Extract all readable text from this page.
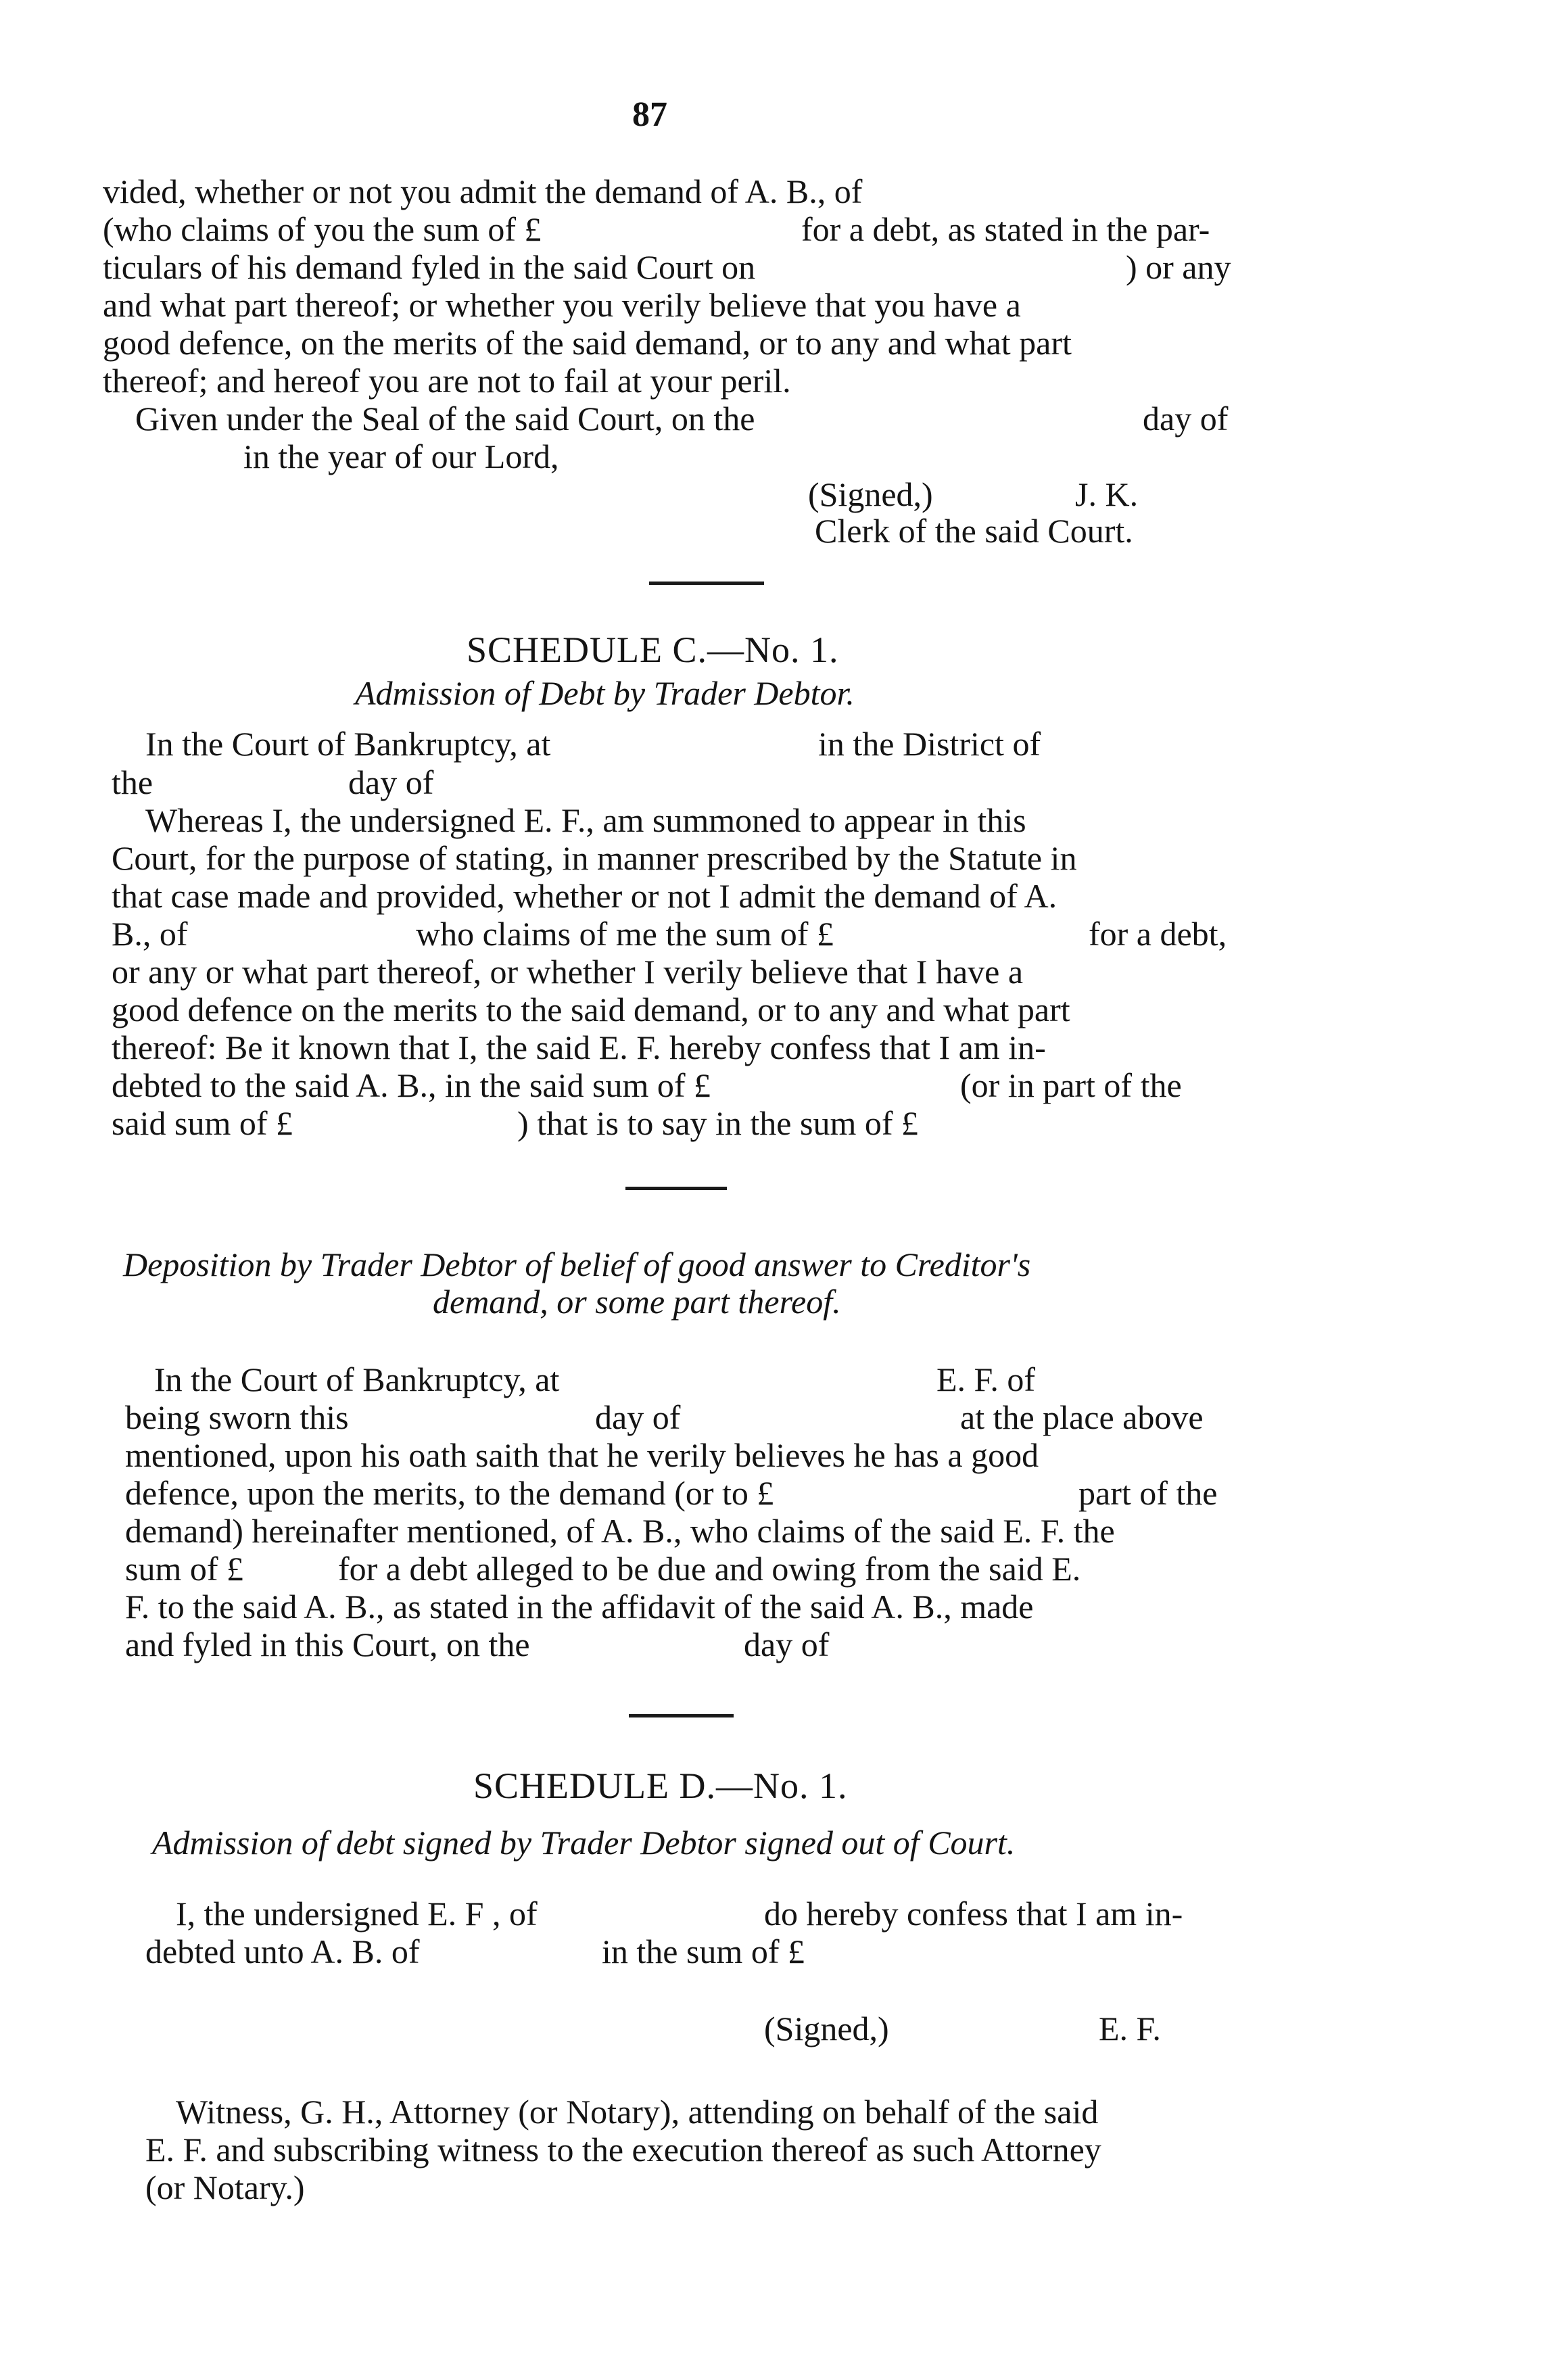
87
vided, whether or not you admit the demand of A. B., of
(who claims of you the sum of £	for a debt, as stated in the par-
ticulars of his demand fyled in the said Court on	) or any
and what part thereof; or whether you verily believe that you have a
good defence, on the merits of the said demand, or to any and what part
thereof; and hereof you are not to fail at your peril.
Given under the Seal of the said Court, on the	day of
in the year of our Lord,
(Signed,)	J. K.
Clerk of the said Court.
SCHEDULE C.—No. 1.
Admission of Debt by Trader Debtor.
In the Court of Bankruptcy, at	in the District of
the	day of
Whereas I, the undersigned E. F., am summoned to appear in this
Court, for the purpose of stating, in manner prescribed by the Statute in
that case made and provided, whether or not I admit the demand of A.
B., of	who claims of me the sum of £	for a debt,
or any or what part thereof, or whether I verily believe that I have a
good defence on the merits to the said demand, or to any and what part
thereof: Be it known that I, the said E. F. hereby confess that I am in-
debted to the said A. B., in the said sum of £	(or in part of the
said sum of £	) that is to say in the sum of £
Deposition by Trader Debtor of belief of good answer to Creditor's
demand, or some part thereof.
In the Court of Bankruptcy, at	E. F. of
being sworn this	day of	at the place above
mentioned, upon his oath saith that he verily believes he has a good
defence, upon the merits, to the demand (or to £	part of the
demand) hereinafter mentioned, of A. B., who claims of the said E. F. the
sum of £	for a debt alleged to be due and owing from the said E.
F. to the said A. B., as stated in the affidavit of the said A. B., made
and fyled in this Court, on the	day of
SCHEDULE D.—No. 1.
Admission of debt signed by Trader Debtor signed out of Court.
I, the undersigned E. F , of	do hereby confess that I am in-
debted unto A. B. of	in the sum of £
(Signed,)	E. F.
Witness, G. H., Attorney (or Notary), attending on behalf of the said
E. F. and subscribing witness to the execution thereof as such Attorney
(or Notary.)
